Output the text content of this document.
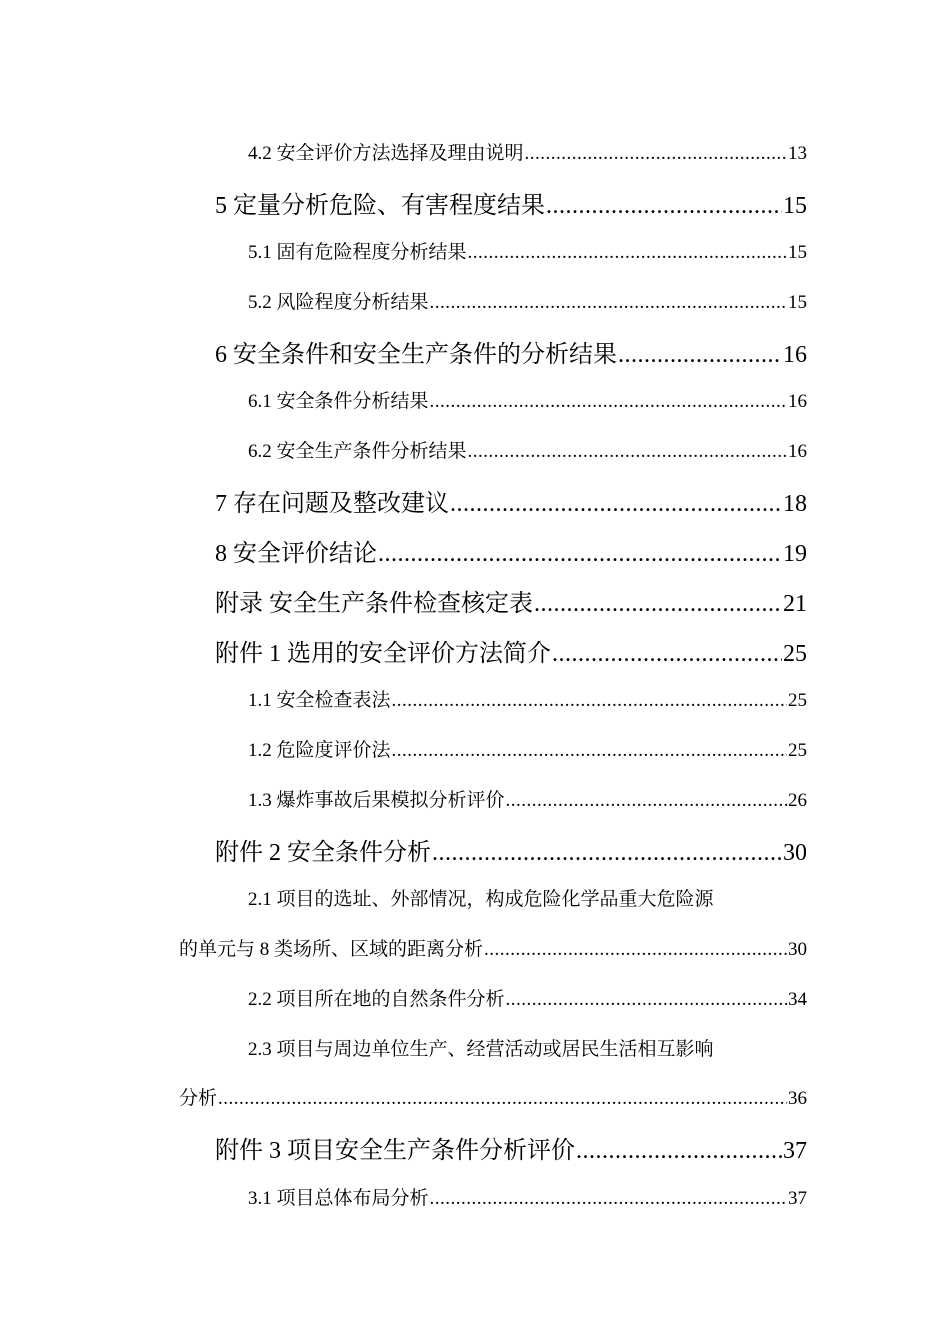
4.2 安全评价方法选择及理由说明 .....	13
5 定量分析危险、有害程度结果 .....	15
5.1 固有危险程度分析结果 .....	15
5.2 风险程度分析结果 .....	15
6 安全条件和安全生产条件的分析结果 .....	16
6.1 安全条件分析结果 .....	16
6.2 安全生产条件分析结果 .....	16
7 存在问题及整改建议 .....	18
8 安全评价结论 .....	19
附录 安全生产条件检查核定表 .....	21
附件 1 选用的安全评价方法简介 .....	25
1.1 安全检查表法 .....	25
1.2 危险度评价法 .....	25
1.3 爆炸事故后果模拟分析评价 .....	26
附件 2 安全条件分析 .....	30
2.1 项目的选址、外部情况，构成危险化学品重大危险源
的单元与 8 类场所、区域的距离分析 .....	30
2.2 项目所在地的自然条件分析 .....	34
2.3 项目与周边单位生产、经营活动或居民生活相互影响
分析 .....	36
附件 3 项目安全生产条件分析评价 .....	37
3.1 项目总体布局分析 .....	37
